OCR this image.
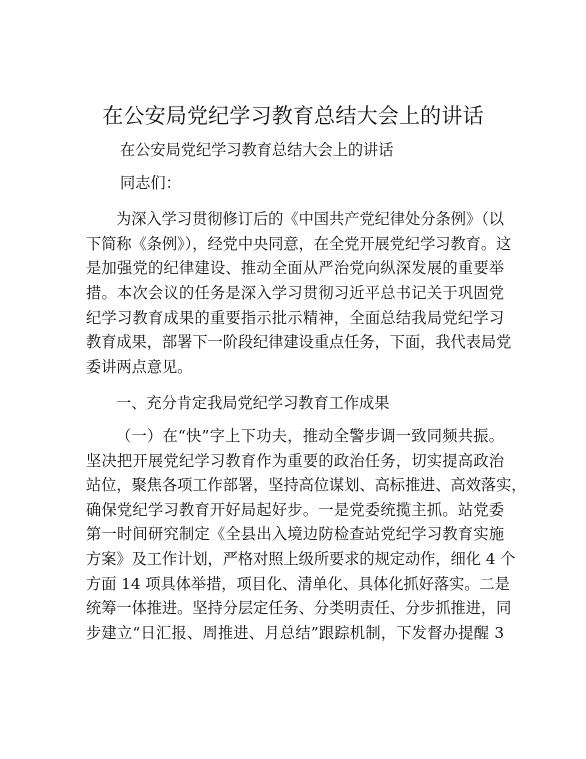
在公安局党纪学习教育总结大会上的讲话
在公安局党纪学习教育总结大会上的讲话
同志们：
为深入学习贯彻修订后的《中国共产党纪律处分条例》（以
下简称《条例》），经党中央同意，在全党开展党纪学习教育。这
是加强党的纪律建设、推动全面从严治党向纵深发展的重要举
措。本次会议的任务是深入学习贯彻习近平总书记关于巩固党
纪学习教育成果的重要指示批示精神，全面总结我局党纪学习
教育成果，部署下一阶段纪律建设重点任务，下面，我代表局党
委讲两点意见。
一、充分肯定我局党纪学习教育工作成果
（一）在“快”字上下功夫，推动全警步调一致同频共振。
坚决把开展党纪学习教育作为重要的政治任务，切实提高政治
站位，聚焦各项工作部署，坚持高位谋划、高标推进、高效落实，
确保党纪学习教育开好局起好步。一是党委统揽主抓。站党委
第一时间研究制定《全县出入境边防检查站党纪学习教育实施
方案》及工作计划，严格对照上级所要求的规定动作，细化 4 个
方面 14 项具体举措，项目化、清单化、具体化抓好落实。二是
统筹一体推进。坚持分层定任务、分类明责任、分步抓推进，同
步建立“日汇报、周推进、月总结”跟踪机制，下发督办提醒 3
